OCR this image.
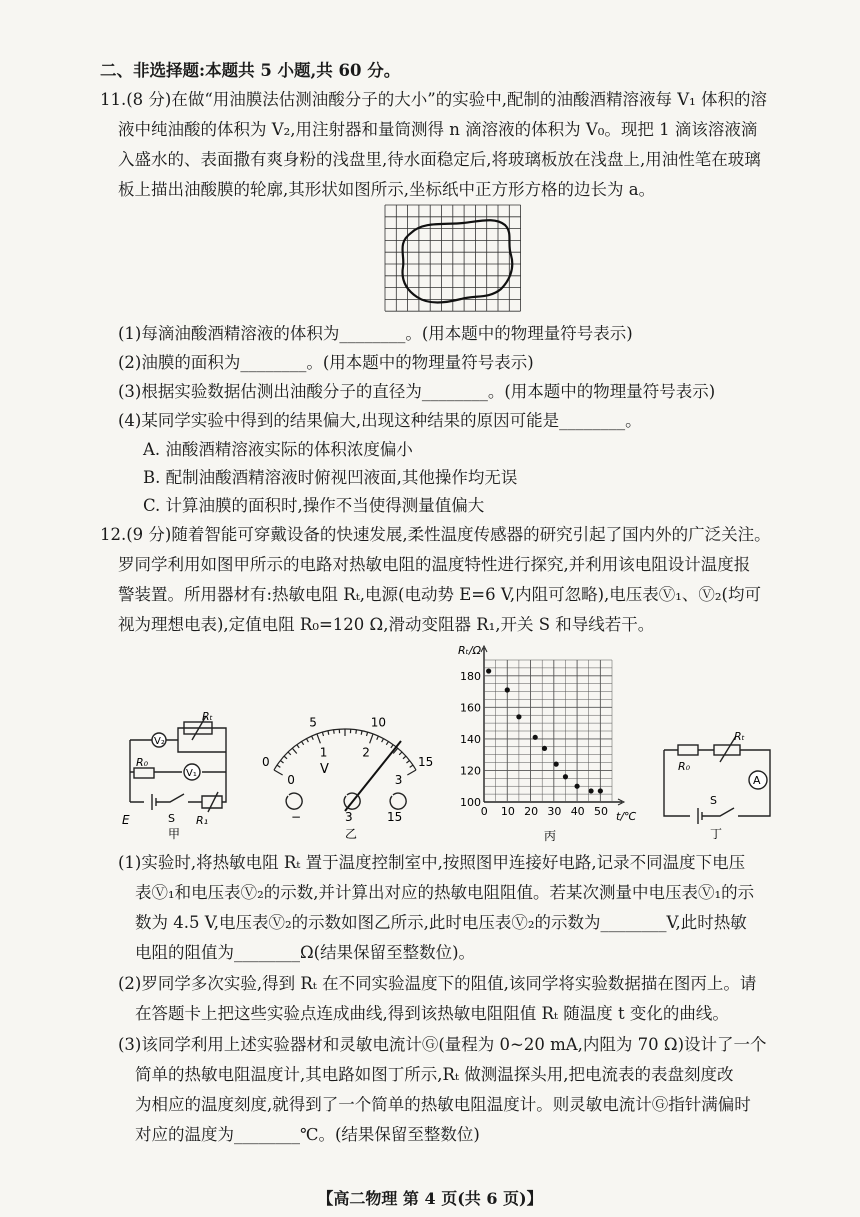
二、非选择题:本题共 5 小题,共 60 分。
11.(8 分)在做“用油膜法估测油酸分子的大小”的实验中,配制的油酸酒精溶液每 V₁ 体积的溶
液中纯油酸的体积为 V₂,用注射器和量筒测得 n 滴溶液的体积为 V₀。现把 1 滴该溶液滴
入盛水的、表面撒有爽身粉的浅盘里,待水面稳定后,将玻璃板放在浅盘上,用油性笔在玻璃
板上描出油酸膜的轮廓,其形状如图所示,坐标纸中正方形方格的边长为 a。
(1)每滴油酸酒精溶液的体积为________。(用本题中的物理量符号表示)
(2)油膜的面积为________。(用本题中的物理量符号表示)
(3)根据实验数据估测出油酸分子的直径为________。(用本题中的物理量符号表示)
(4)某同学实验中得到的结果偏大,出现这种结果的原因可能是________。
A. 油酸酒精溶液实际的体积浓度偏小
B. 配制油酸酒精溶液时俯视凹液面,其他操作均无误
C. 计算油膜的面积时,操作不当使得测量值偏大
12.(9 分)随着智能可穿戴设备的快速发展,柔性温度传感器的研究引起了国内外的广泛关注。
罗同学利用如图甲所示的电路对热敏电阻的温度特性进行探究,并利用该电阻设计温度报
警装置。所用器材有:热敏电阻 Rₜ,电源(电动势 E=6 V,内阻可忽略),电压表Ⓥ₁、Ⓥ₂(均可
视为理想电表),定值电阻 R₀=120 Ω,滑动变阻器 R₁,开关 S 和导线若干。
V₂
V₁
Rₜ
R₀
E	S R₁
甲
V
−	3	15
乙
0
5	10
15
0
1	2
3
0 10 20 30 40 50
100
120
140
160
180
Rₜ/Ω
t/℃
丙
A
Rₜ
R₀
S
丁
(1)实验时,将热敏电阻 Rₜ 置于温度控制室中,按照图甲连接好电路,记录不同温度下电压
表Ⓥ₁和电压表Ⓥ₂的示数,并计算出对应的热敏电阻阻值。若某次测量中电压表Ⓥ₁的示
数为 4.5 V,电压表Ⓥ₂的示数如图乙所示,此时电压表Ⓥ₂的示数为________V,此时热敏
电阻的阻值为________Ω(结果保留至整数位)。
(2)罗同学多次实验,得到 Rₜ 在不同实验温度下的阻值,该同学将实验数据描在图丙上。请
在答题卡上把这些实验点连成曲线,得到该热敏电阻阻值 Rₜ 随温度 t 变化的曲线。
(3)该同学利用上述实验器材和灵敏电流计Ⓖ(量程为 0~20 mA,内阻为 70 Ω)设计了一个
简单的热敏电阻温度计,其电路如图丁所示,Rₜ 做测温探头用,把电流表的表盘刻度改
为相应的温度刻度,就得到了一个简单的热敏电阻温度计。则灵敏电流计Ⓖ指针满偏时
对应的温度为________℃。(结果保留至整数位)
【高二物理 第 4 页(共 6 页)】
